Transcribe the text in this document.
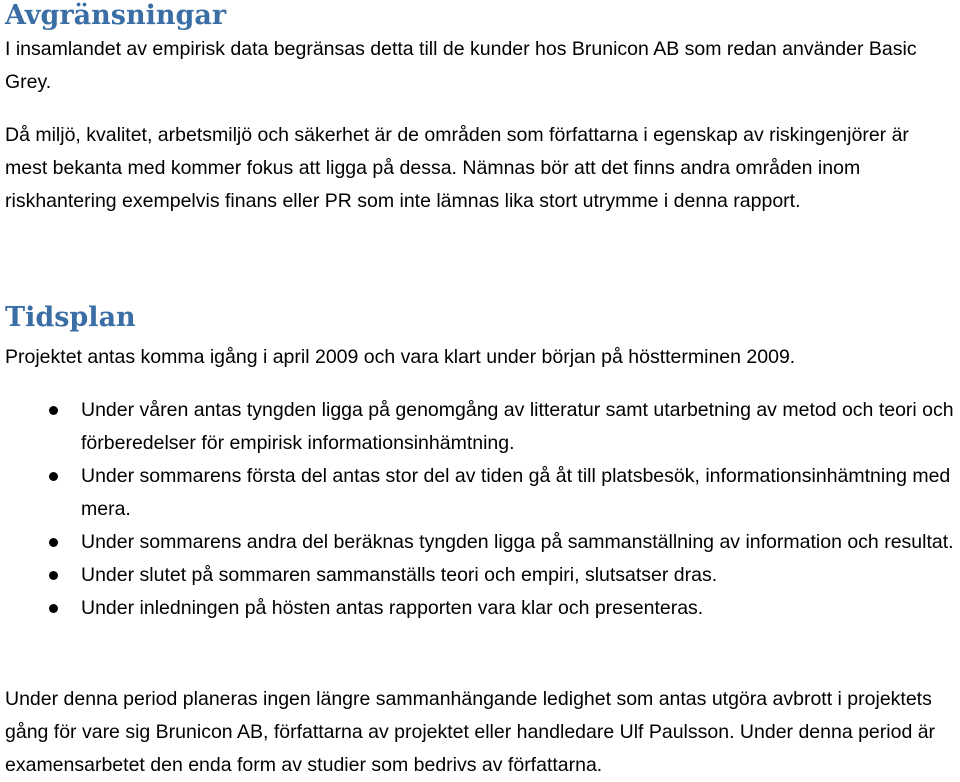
Avgränsningar

I insamlandet av empirisk data begränsas detta till de kunder hos Brunicon AB som redan använder Basic Grey.

Då miljö, kvalitet, arbetsmiljö och säkerhet är de områden som författarna i egenskap av riskingenjörer är mest bekanta med kommer fokus att ligga på dessa. Nämnas bör att det finns andra områden inom riskhantering exempelvis finans eller PR som inte lämnas lika stort utrymme i denna rapport.

Tidsplan

Projektet antas komma igång i april 2009 och vara klart under början på höstterminen 2009.

Under våren antas tyngden ligga på genomgång av litteratur samt utarbetning av metod och teori och förberedelser för empirisk informationsinhämtning.
Under sommarens första del antas stor del av tiden gå åt till platsbesök, informationsinhämtning med mera.
Under sommarens andra del beräknas tyngden ligga på sammanställning av information och resultat.
Under slutet på sommaren sammanställs teori och empiri, slutsatser dras.
Under inledningen på hösten antas rapporten vara klar och presenteras.

Under denna period planeras ingen längre sammanhängande ledighet som antas utgöra avbrott i projektets gång för vare sig Brunicon AB, författarna av projektet eller handledare Ulf Paulsson. Under denna period är examensarbetet den enda form av studier som bedrivs av författarna.
